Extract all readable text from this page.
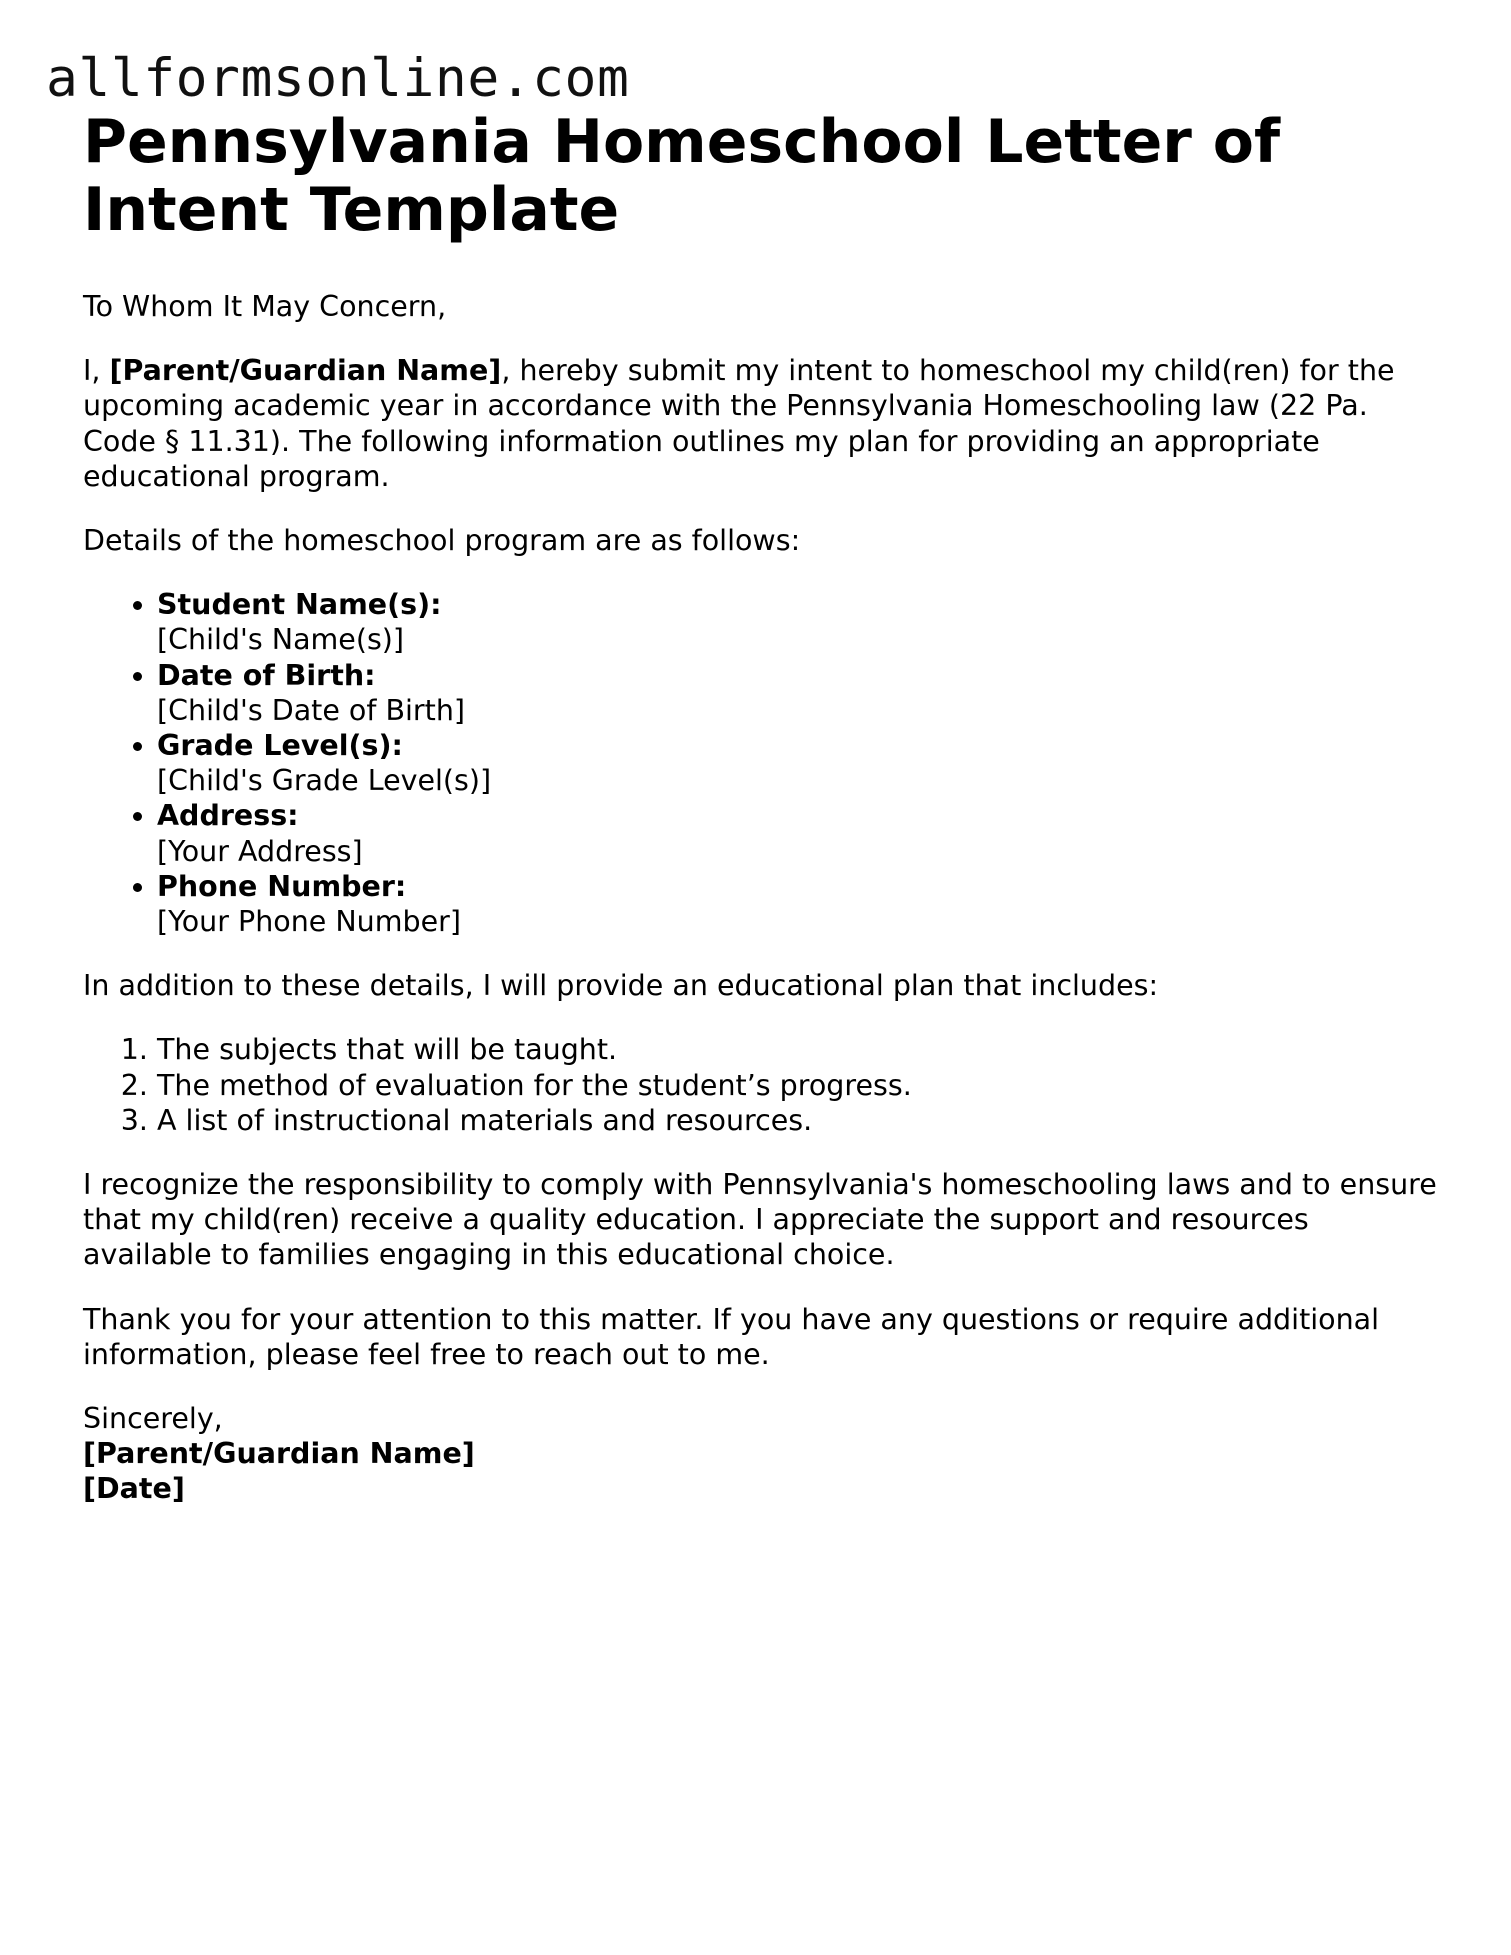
allformsonline.com
Pennsylvania Homeschool Letter of Intent Template

To Whom It May Concern,

I, [Parent/Guardian Name], hereby submit my intent to homeschool my child(ren) for the upcoming academic year in accordance with the Pennsylvania Homeschooling law (22 Pa. Code § 11.31). The following information outlines my plan for providing an appropriate educational program.

Details of the homeschool program are as follows:

• Student Name(s):
[Child's Name(s)]
• Date of Birth:
[Child's Date of Birth]
• Grade Level(s):
[Child's Grade Level(s)]
• Address:
[Your Address]
• Phone Number:
[Your Phone Number]

In addition to these details, I will provide an educational plan that includes:

1. The subjects that will be taught.
2. The method of evaluation for the student’s progress.
3. A list of instructional materials and resources.

I recognize the responsibility to comply with Pennsylvania's homeschooling laws and to ensure that my child(ren) receive a quality education. I appreciate the support and resources available to families engaging in this educational choice.

Thank you for your attention to this matter. If you have any questions or require additional information, please feel free to reach out to me.

Sincerely,
[Parent/Guardian Name]
[Date]
